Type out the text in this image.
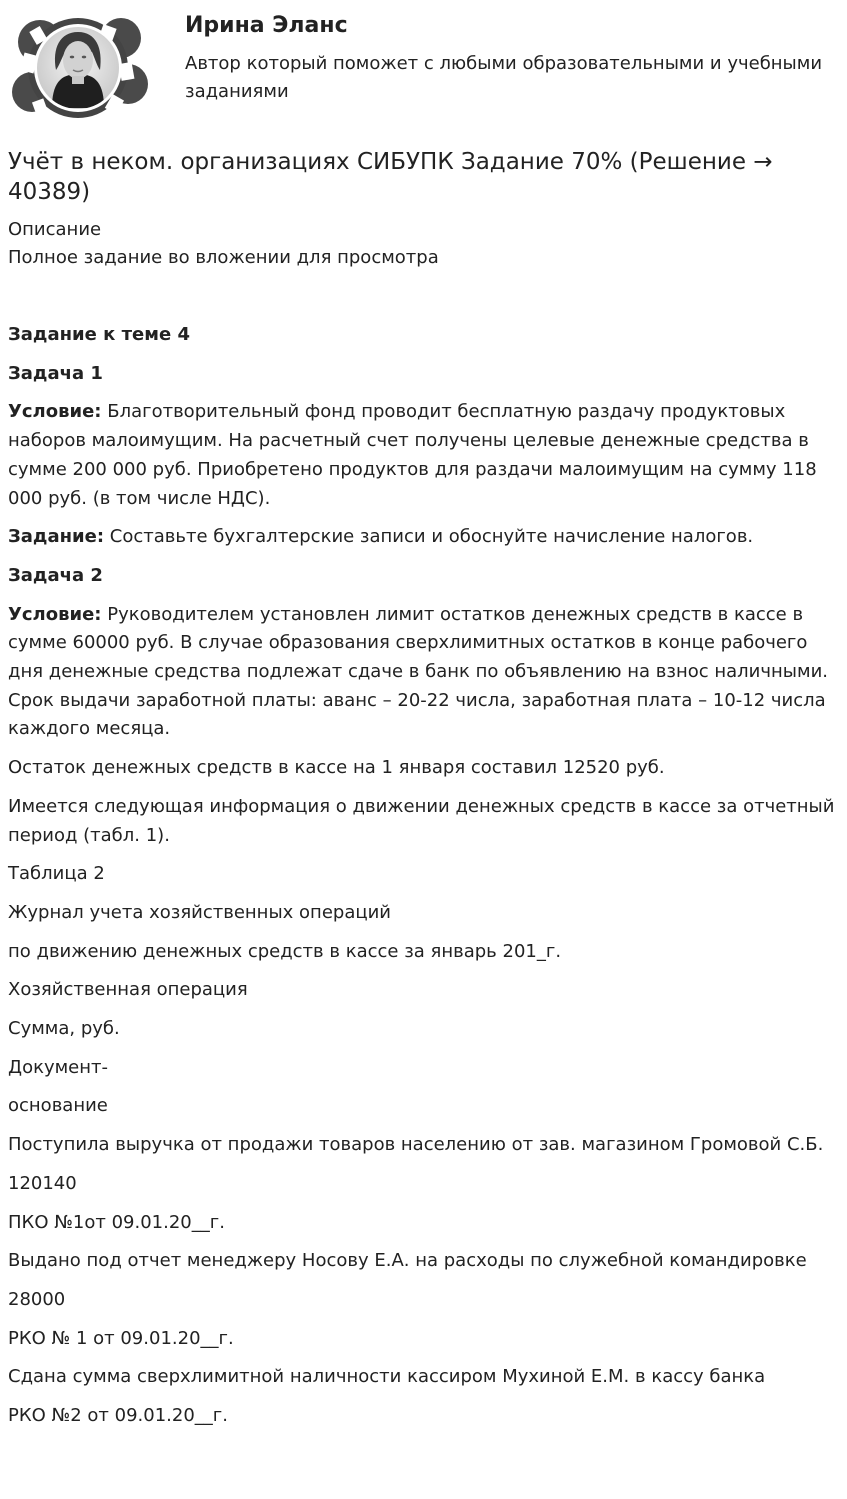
Ирина Эланс
Автор который поможет с любыми образовательными и учебными заданиями
Учёт в неком. организациях СИБУПК Задание 70% (Решение → 40389)
Описание
Полное задание во вложении для просмотра

Задание к теме 4

Задача 1

Условие: Благотворительный фонд проводит бесплатную раздачу продуктовых наборов малоимущим. На расчетный счет получены целевые денежные средства в сумме 200 000 руб. Приобретено продуктов для раздачи малоимущим на сумму 118 000 руб. (в том числе НДС).

Задание: Составьте бухгалтерские записи и обоснуйте начисление налогов.

Задача 2

Условие: Руководителем установлен лимит остатков денежных средств в кассе в сумме 60000 руб. В случае образования сверхлимитных остатков в конце рабочего дня денежные средства подлежат сдаче в банк по объявлению на взнос наличными. Срок выдачи заработной платы: аванс – 20-22 числа, заработная плата – 10-12 числа каждого месяца.

Остаток денежных средств в кассе на 1 января составил 12520 руб.

Имеется следующая информация о движении денежных средств в кассе за отчетный период (табл. 1).

Таблица 2

Журнал учета хозяйственных операций

по движению денежных средств в кассе за январь 201_г.

Хозяйственная операция

Сумма, руб.

Документ-

основание

Поступила выручка от продажи товаров населению от зав. магазином Громовой С.Б.

120140

ПКО №1от 09.01.20__г.

Выдано под отчет менеджеру Носову Е.А. на расходы по служебной командировке

28000

РКО № 1 от 09.01.20__г.

Сдана сумма сверхлимитной наличности кассиром Мухиной Е.М. в кассу банка

РКО №2 от 09.01.20__г.
